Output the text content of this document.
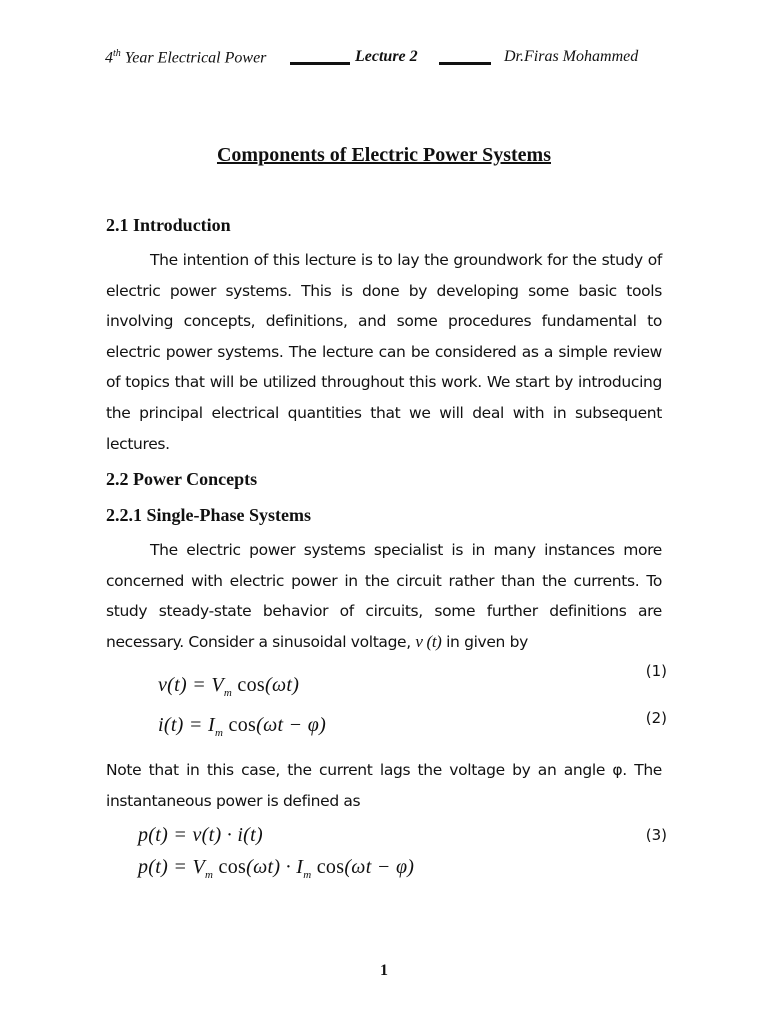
4th Year Electrical Power	Lecture 2	Dr.Firas Mohammed
Components of Electric Power Systems
2.1 Introduction
The intention of this lecture is to lay the groundwork for the study of electric power systems. This is done by developing some basic tools involving concepts, definitions, and some procedures fundamental to electric power systems. The lecture can be considered as a simple review of topics that will be utilized throughout this work. We start by introducing the principal electrical quantities that we will deal with in subsequent lectures.
2.2 Power Concepts
2.2.1 Single-Phase Systems
The electric power systems specialist is in many instances more concerned with electric power in the circuit rather than the currents. To study steady-state behavior of circuits, some further definitions are necessary. Consider a sinusoidal voltage, v (t) in given by
$v(t) = V_m$ cos(ωt)
(1)
$i(t) = I_m$ cos(ωt − φ)	(2)
Note that in this case, the current lags the voltage by an angle φ. The instantaneous power is defined as
p(t) = v(t) · i(t)	(3)
$p(t) = V_m$ $\cos(\omega t) \cdot I_m$ cos(ωt − φ)
1
